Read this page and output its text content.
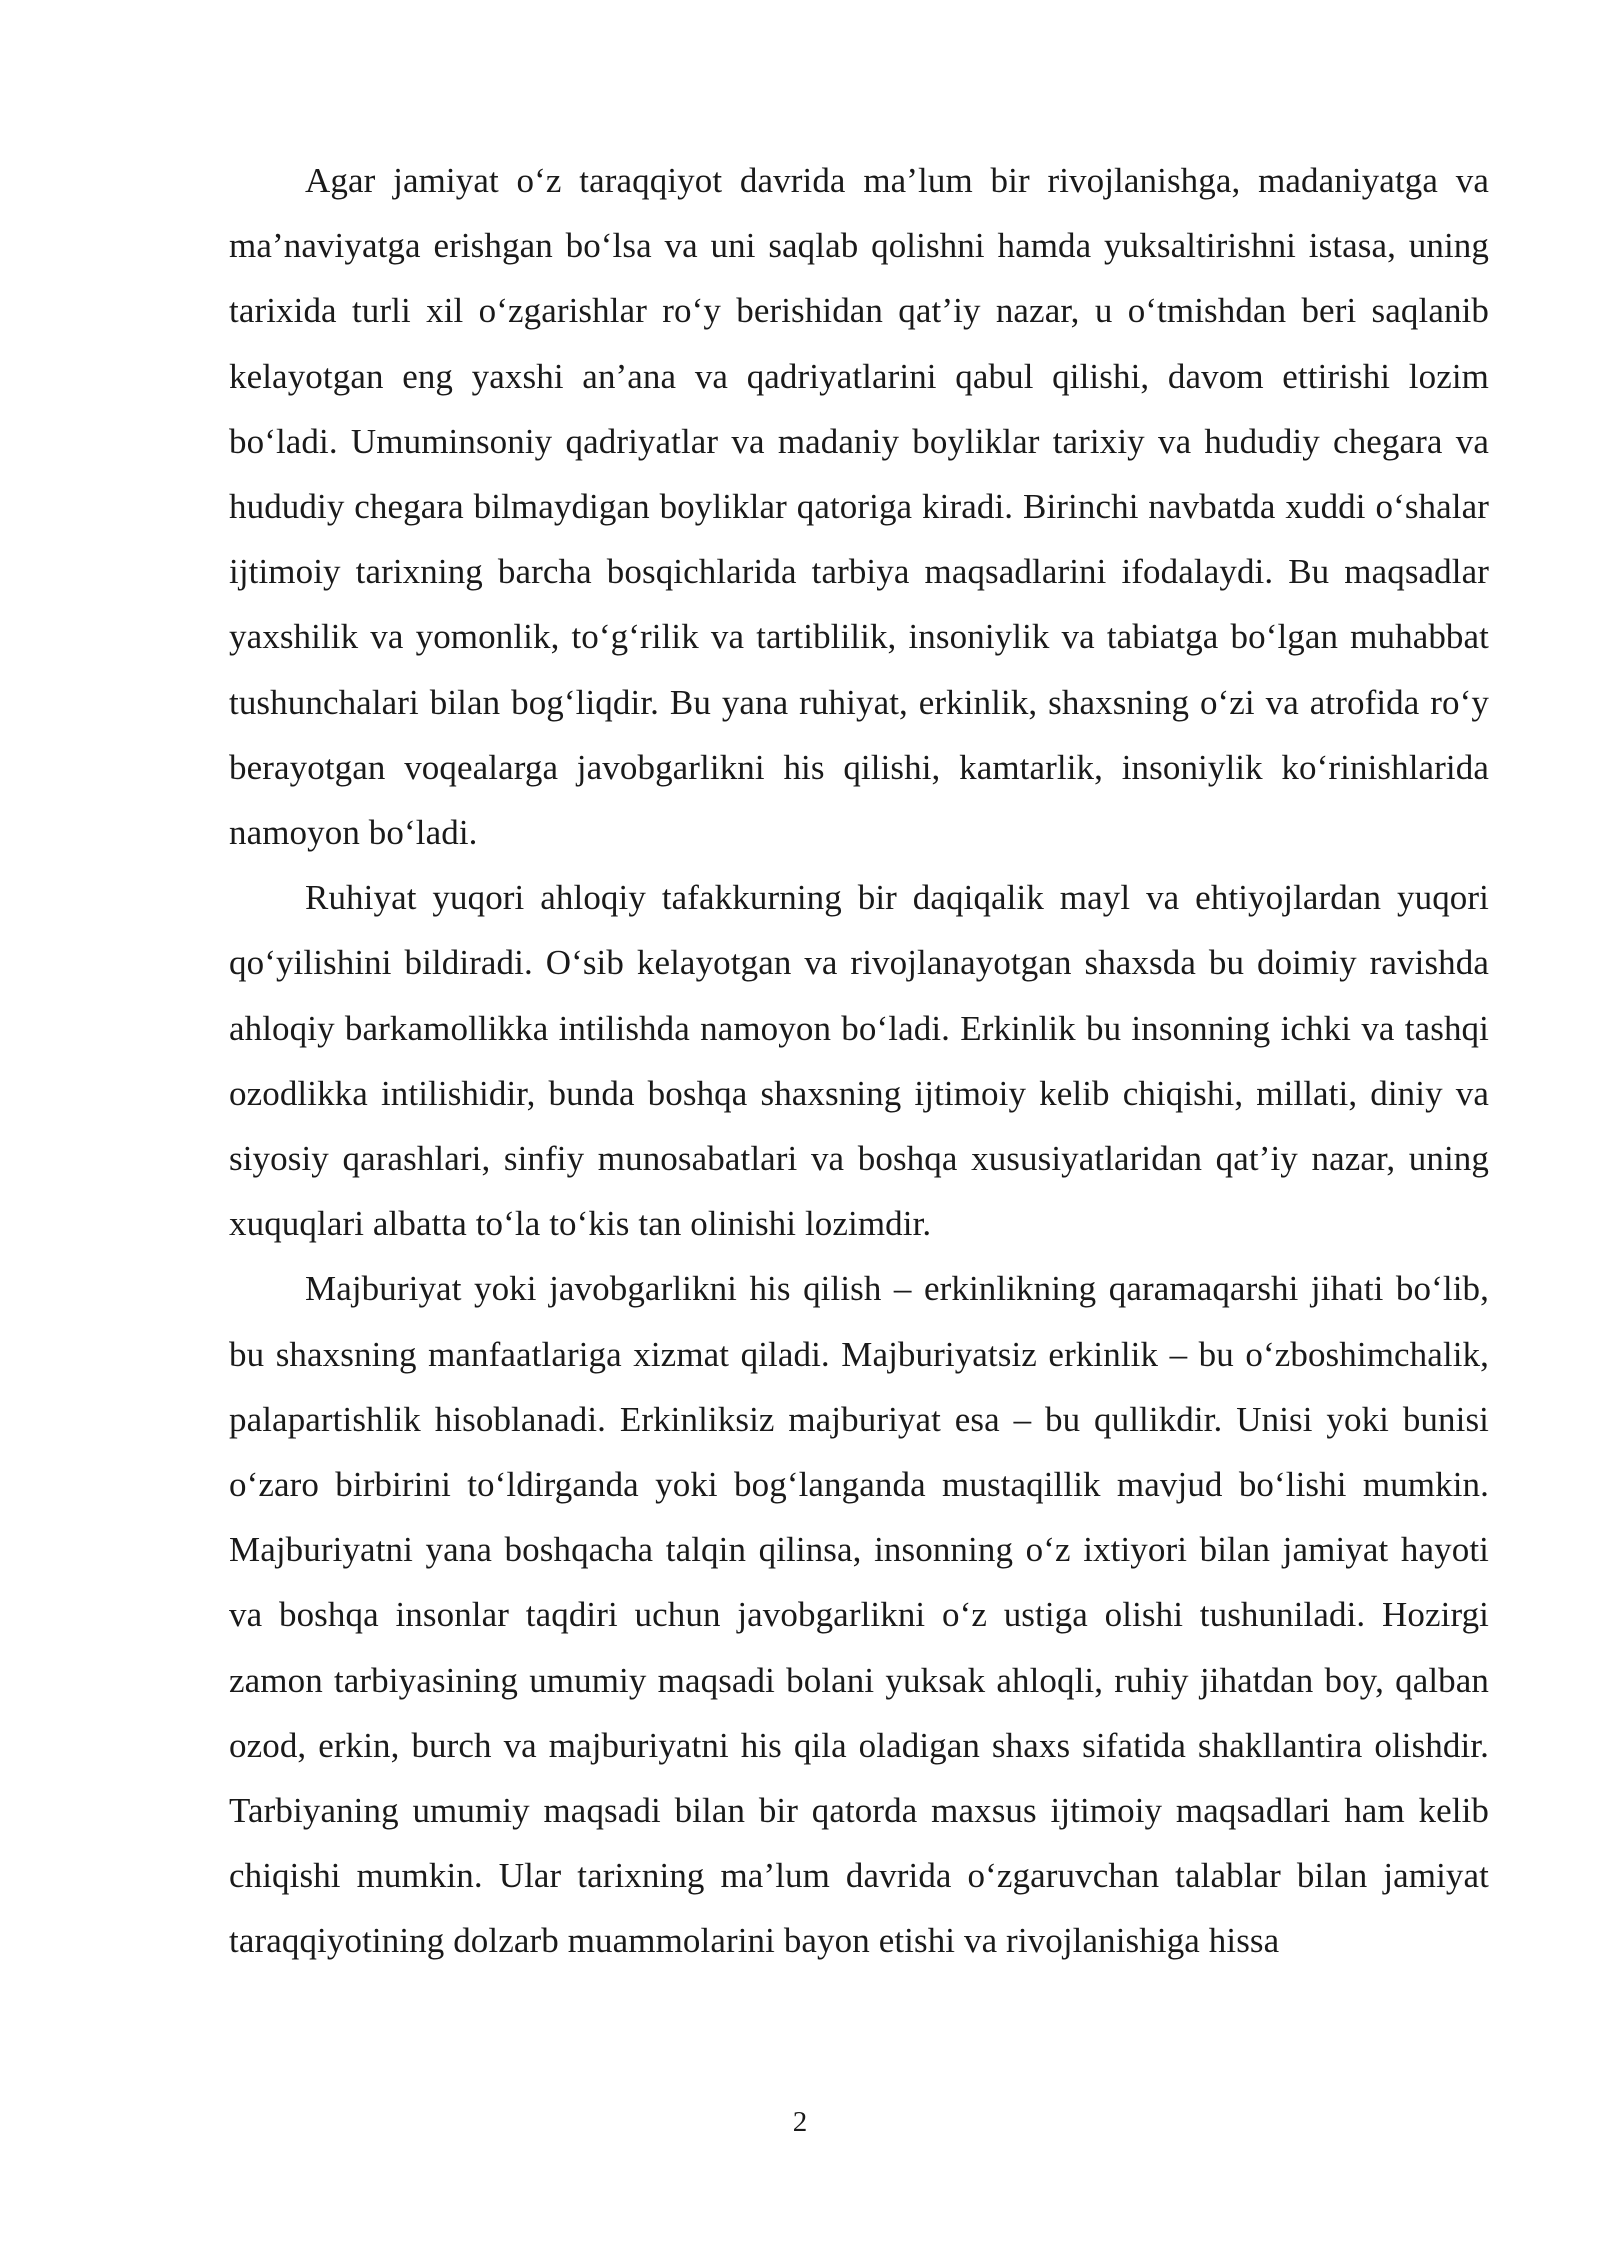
Agar jamiyat o‘z taraqqiyot davrida ma’lum bir rivojlanishga, madaniyatga va ma’naviyatga erishgan bo‘lsa va uni saqlab qolishni hamda yuksaltirishni istasa, uning tarixida turli xil o‘zgarishlar ro‘y berishidan qat’iy nazar, u o‘tmishdan beri saqlanib kelayotgan eng yaxshi an’ana va qadriyatlarini qabul qilishi, davom ettirishi lozim bo‘ladi. Umuminsoniy qadriyatlar va madaniy boyliklar tarixiy va hududiy chegara va hududiy chegara bilmaydigan boyliklar qatoriga kiradi. Birinchi navbatda xuddi o‘shalar ijtimoiy tarixning barcha bosqichlarida tarbiya maqsadlarini ifodalaydi. Bu maqsadlar yaxshilik va yomonlik, to‘g‘rilik va tartiblilik, insoniylik va tabiatga bo‘lgan muhabbat tushunchalari bilan bog‘liqdir. Bu yana ruhiyat, erkinlik, shaxsning o‘zi va atrofida ro‘y berayotgan voqealarga javobgarlikni his qilishi, kamtarlik, insoniylik ko‘rinishlarida namoyon bo‘ladi.

Ruhiyat yuqori ahloqiy tafakkurning bir daqiqalik mayl va ehtiyojlardan yuqori qo‘yilishini bildiradi. O‘sib kelayotgan va rivojlanayotgan shaxsda bu doimiy ravishda ahloqiy barkamollikka intilishda namoyon bo‘ladi. Erkinlik bu insonning ichki va tashqi ozodlikka intilishidir, bunda boshqa shaxsning ijtimoiy kelib chiqishi, millati, diniy va siyosiy qarashlari, sinfiy munosabatlari va boshqa xususiyatlaridan qat’iy nazar, uning xuquqlari albatta to‘la to‘kis tan olinishi lozimdir.

Majburiyat yoki javobgarlikni his qilish – erkinlikning qaramaqarshi jihati bo‘lib, bu shaxsning manfaatlariga xizmat qiladi. Majburiyatsiz erkinlik – bu o‘zboshimchalik, palapartishlik hisoblanadi. Erkinliksiz majburiyat esa – bu qullikdir. Unisi yoki bunisi o‘zaro birbirini to‘ldirganda yoki bog‘langanda mustaqillik mavjud bo‘lishi mumkin. Majburiyatni yana boshqacha talqin qilinsa, insonning o‘z ixtiyori bilan jamiyat hayoti va boshqa insonlar taqdiri uchun javobgarlikni o‘z ustiga olishi tushuniladi. Hozirgi zamon tarbiyasining umumiy maqsadi bolani yuksak ahloqli, ruhiy jihatdan boy, qalban ozod, erkin, burch va majburiyatni his qila oladigan shaxs sifatida shakllantira olishdir. Tarbiyaning umumiy maqsadi bilan bir qatorda maxsus ijtimoiy maqsadlari ham kelib chiqishi mumkin. Ular tarixning ma’lum davrida o‘zgaruvchan talablar bilan jamiyat taraqqiyotining dolzarb muammolarini bayon etishi va rivojlanishiga hissa

2
